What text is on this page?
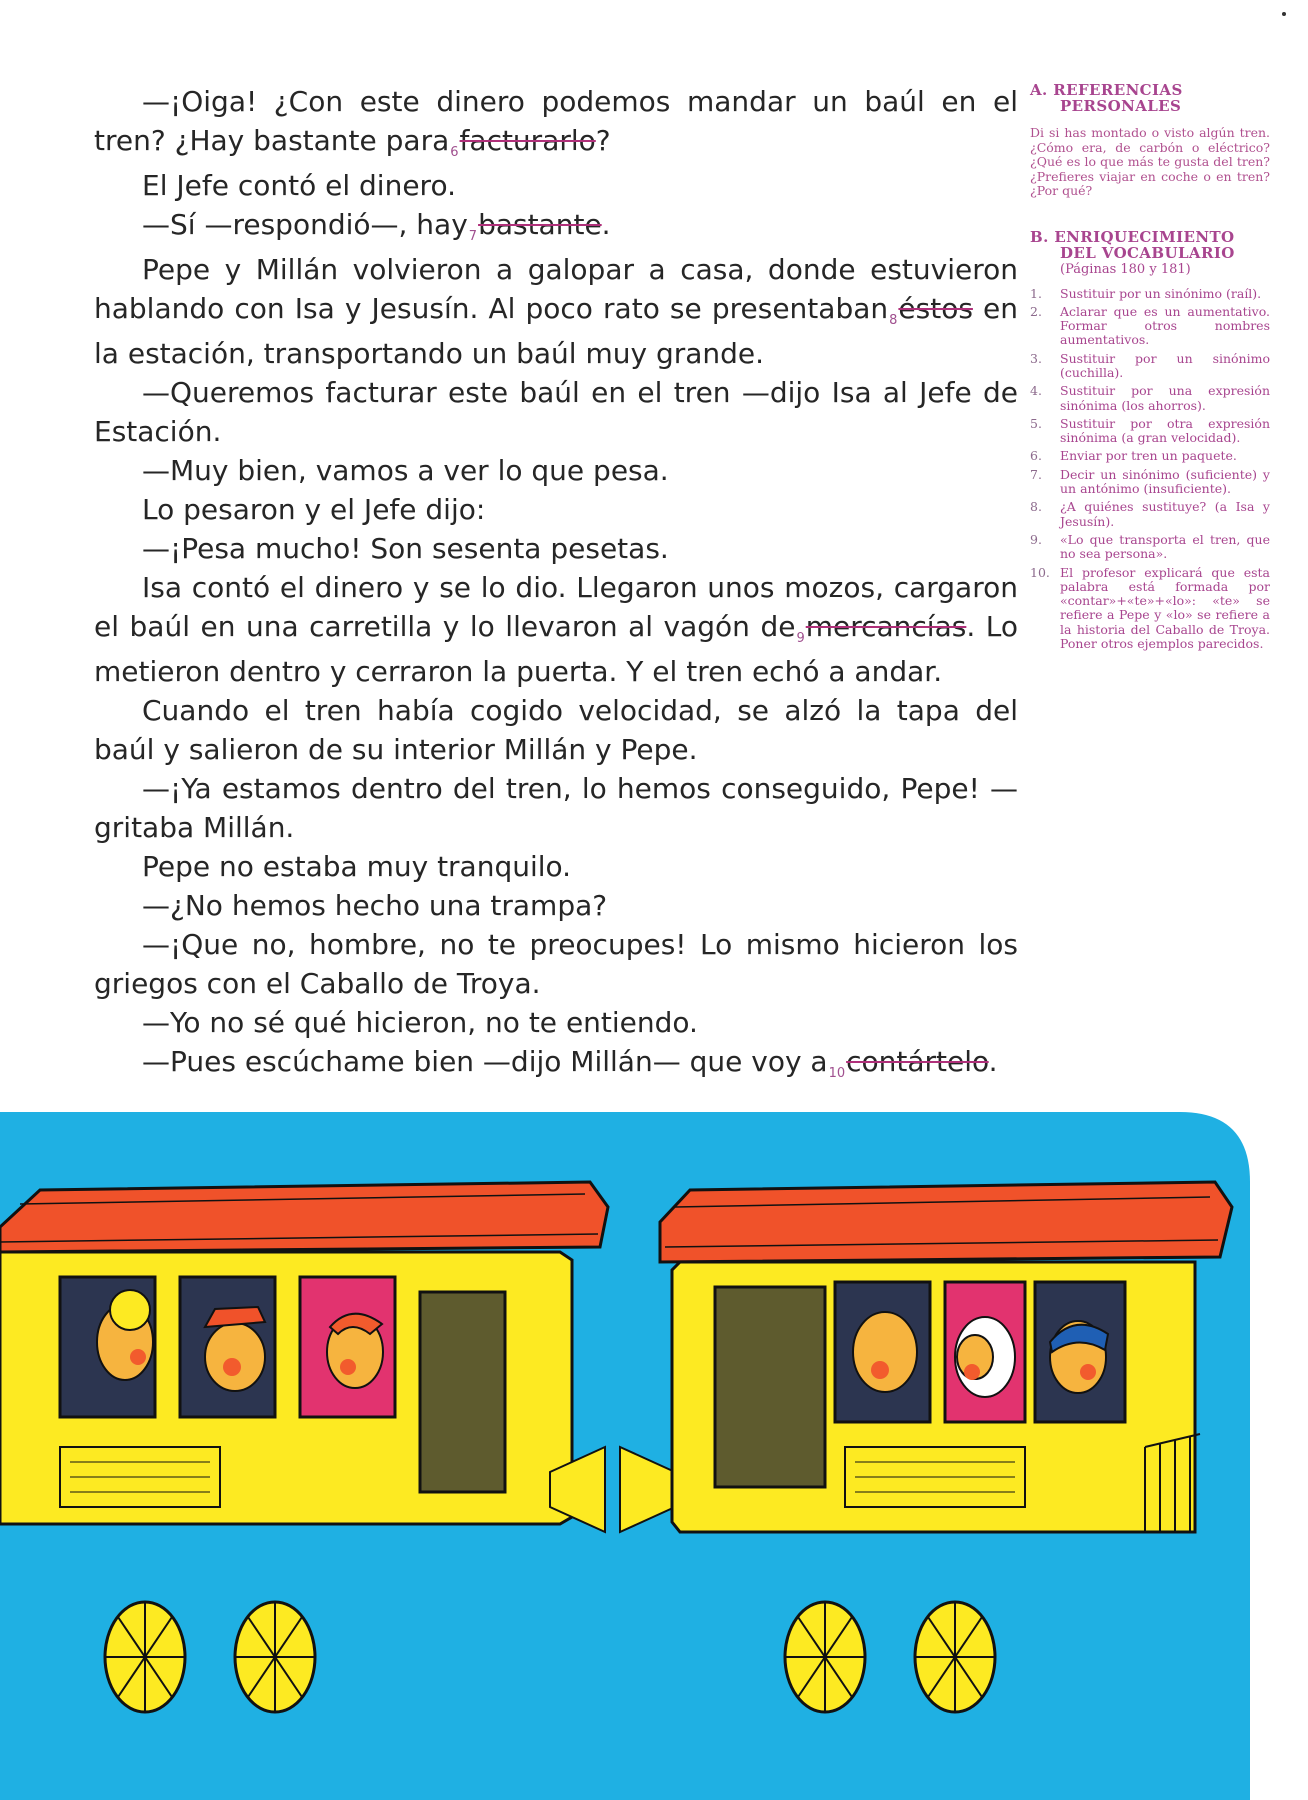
—¡Oiga! ¿Con este dinero podemos mandar un baúl en el tren? ¿Hay bastante para$_6$facturarlo?

El Jefe contó el dinero.

—Sí —respondió—, hay$_7$bastante.

Pepe y Millán volvieron a galopar a casa, donde estuvieron hablando con Isa y Jesusín. Al poco rato se presentaban$_8$éstos en la estación, transportando un baúl muy grande.

—Queremos facturar este baúl en el tren —dijo Isa al Jefe de Estación.

—Muy bien, vamos a ver lo que pesa.

Lo pesaron y el Jefe dijo:

—¡Pesa mucho! Son sesenta pesetas.

Isa contó el dinero y se lo dio. Llegaron unos mozos, cargaron el baúl en una carretilla y lo llevaron al vagón $de_9mercancías$. Lo metieron dentro y cerraron la puerta. Y el tren echó a andar.

Cuando el tren había cogido velocidad, se alzó la tapa del baúl y salieron de su interior Millán y Pepe.

—¡Ya estamos dentro del tren, lo hemos conseguido, Pepe! —gritaba Millán.

Pepe no estaba muy tranquilo.

—¿No hemos hecho una trampa?

—¡Que no, hombre, no te preocupes! Lo mismo hicieron los griegos con el Caballo de Troya.

—Yo no sé qué hicieron, no te entiendo.

—Pues escúchame bien —dijo Millán— que voy $a_{10}contártelo$.

A. REFERENCIAS
PERSONALES

Di si has montado o visto algún tren. ¿Cómo era, de carbón o eléctrico? ¿Qué es lo que más te gusta del tren? ¿Prefieres viajar en coche o en tren? ¿Por qué?

B. ENRIQUECIMIENTO
DEL VOCABULARIO
(Páginas 180 y 181)
1.	Sustituir por un sinónimo (raíl).
2.	Aclarar que es un aumentativo. Formar otros nombres aumentativos.
3.	Sustituir por un sinónimo (cuchilla).
4.	Sustituir por una expresión sinónima (los ahorros).
5.	Sustituir por otra expresión sinónima (a gran velocidad).
6.	Enviar por tren un paquete.
7.	Decir un sinónimo (suficiente) y un antónimo (insuficiente).
8.	¿A quiénes sustituye? (a Isa y Jesusín).
9.	«Lo que transporta el tren, que no sea persona».
10. El profesor explicará que esta palabra está formada por «contar»+«te»+«lo»: «te» se refiere a Pepe y «lo» se refiere a la historia del Caballo de Troya. Poner otros ejemplos parecidos.
